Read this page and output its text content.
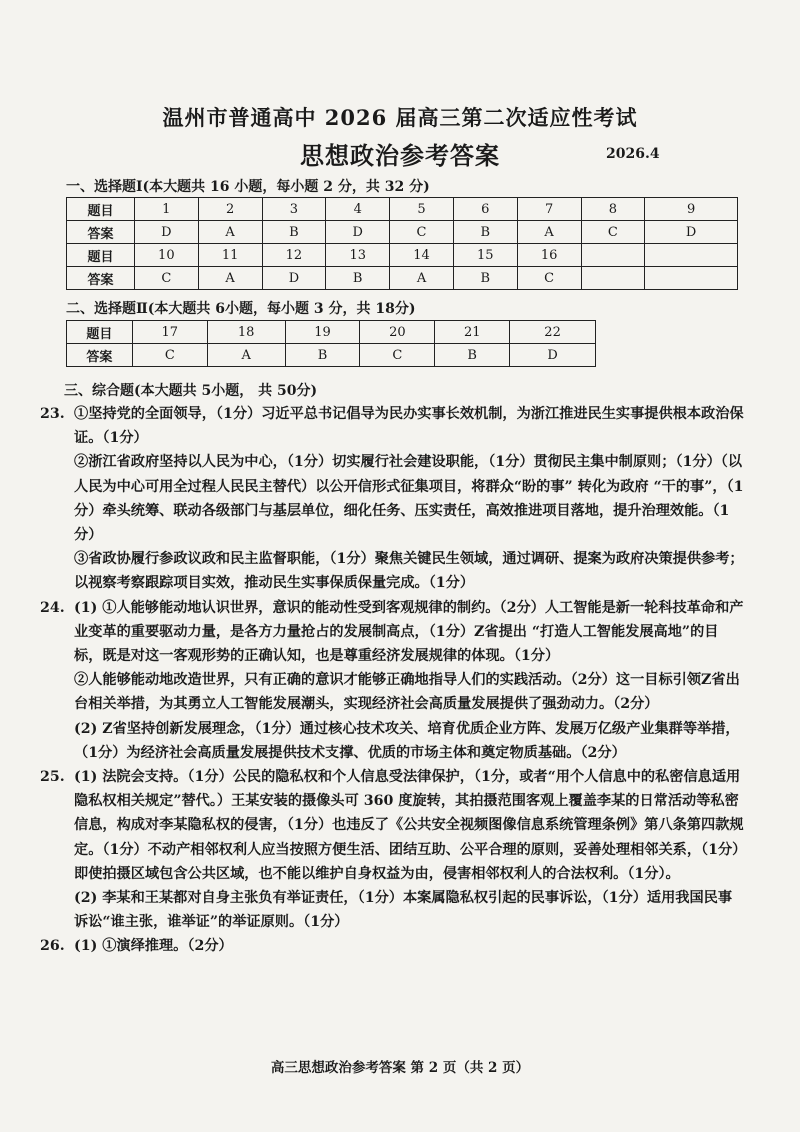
温州市普通高中 2026 届高三第二次适应性考试
思想政治参考答案	2026.4
一、选择题Ⅰ(本大题共 16 小题，每小题 2 分，共 32 分)
题目	1	2	3	4	5	6	7	8	9
答案	D	A	B	D	C	B	A	C	D
题目	10	11	12	13	14	15	16		
答案	C	A	D	B	A	B	C		
二、选择题Ⅱ(本大题共 6小题，每小题 3 分，共 18分)
题目	17	18	19	20	21	22
答案	C	A	B	C	B	D
三、综合题(本大题共 5小题， 共 50分)
23. ①坚持党的全面领导，（1分）习近平总书记倡导为民办实事长效机制，为浙江推进民生实事提供根本政治保证。（1分）

②浙江省政府坚持以人民为中心，（1分）切实履行社会建设职能，（1分）贯彻民主集中制原则；（1分）（以人民为中心可用全过程人民民主替代）以公开信形式征集项目，将群众“盼的事” 转化为政府 “干的事”，（1分）牵头统筹、联动各级部门与基层单位，细化任务、压实责任，高效推进项目落地，提升治理效能。（1分）

③省政协履行参政议政和民主监督职能，（1分）聚焦关键民生领域，通过调研、提案为政府决策提供参考；以视察考察跟踪项目实效，推动民生实事保质保量完成。（1分）

24. (1) ①人能够能动地认识世界，意识的能动性受到客观规律的制约。（2分）人工智能是新一轮科技革命和产业变革的重要驱动力量，是各方力量抢占的发展制高点，（1分）Z省提出 “打造人工智能发展高地”的目标，既是对这一客观形势的正确认知，也是尊重经济发展规律的体现。（1分）

②人能够能动地改造世界，只有正确的意识才能够正确地指导人们的实践活动。（2分）这一目标引领Z省出台相关举措，为其勇立人工智能发展潮头，实现经济社会高质量发展提供了强劲动力。（2分）

(2) Z省坚持创新发展理念，（1分）通过核心技术攻关、培育优质企业方阵、发展万亿级产业集群等举措，（1分）为经济社会高质量发展提供技术支撑、优质的市场主体和奠定物质基础。（2分）

25. (1) 法院会支持。（1分）公民的隐私权和个人信息受法律保护，（1分，或者“用个人信息中的私密信息适用隐私权相关规定”替代。）王某安装的摄像头可 360 度旋转，其拍摄范围客观上覆盖李某的日常活动等私密信息，构成对李某隐私权的侵害，（1分）也违反了《公共安全视频图像信息系统管理条例》第八条第四款规定。（1分）不动产相邻权利人应当按照方便生活、团结互助、公平合理的原则，妥善处理相邻关系，（1分）即使拍摄区域包含公共区域，也不能以维护自身权益为由，侵害相邻权利人的合法权利。（1分）。

(2) 李某和王某都对自身主张负有举证责任，（1分）本案属隐私权引起的民事诉讼，（1分）适用我国民事诉讼“谁主张，谁举证”的举证原则。（1分）

26. (1) ①演绎推理。（2分）

高三思想政治参考答案 第 2 页（共 2 页）
